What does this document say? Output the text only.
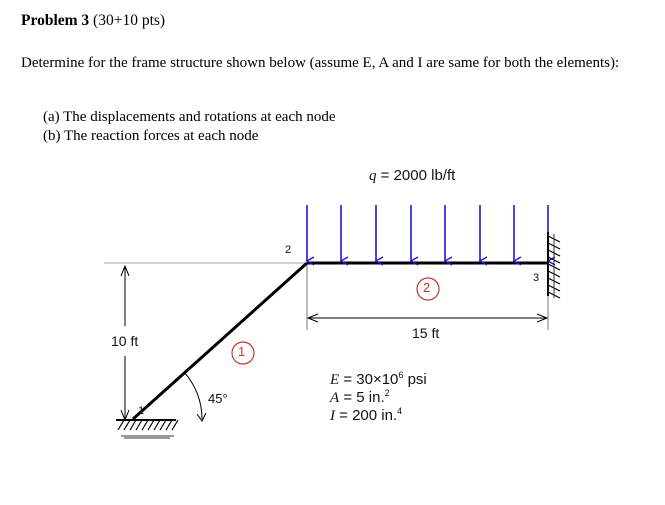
Problem 3 (30+10 pts)
Determine for the frame structure shown below (assume E, A and I are same for both the elements):
(a) The displacements and rotations at each node
(b) The reaction forces at each node
q = 2000 lb/ft
1
2
3
1
2
10 ft	15 ft
45°
$E = 30\times 10^6$ psi
A = 5 in.$^2$
I = 200 in.$^4$
